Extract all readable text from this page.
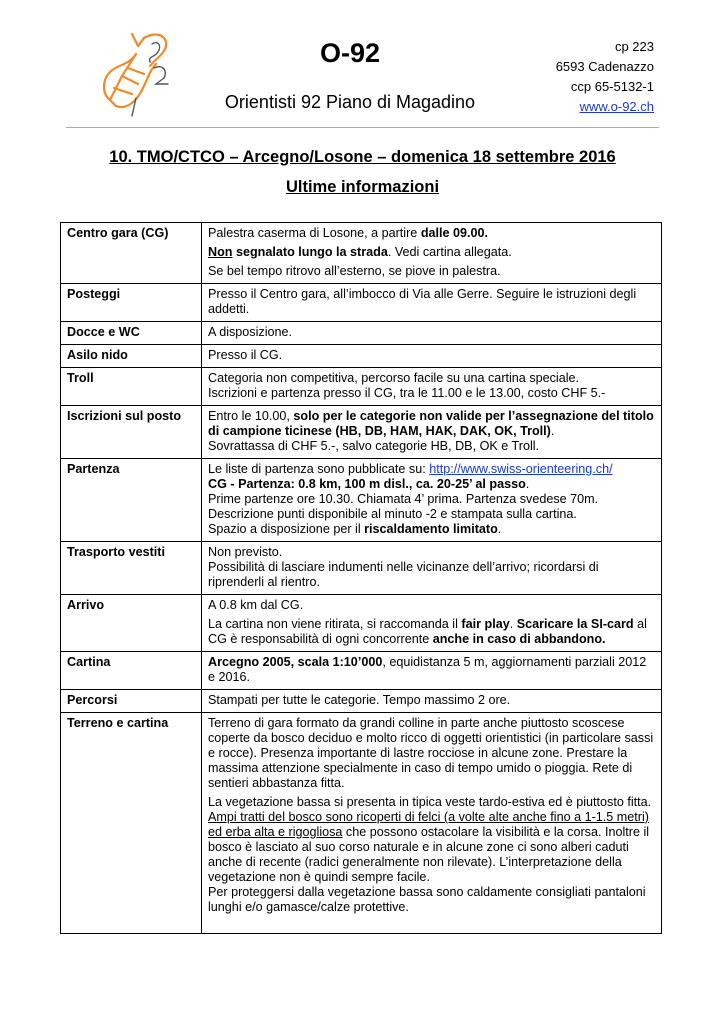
O-92
Orientisti 92 Piano di Magadino
cp 223
6593 Cadenazzo
ccp 65-5132-1
www.o-92.ch
10. TMO/CTCO – Arcegno/Losone – domenica 18 settembre 2016
Ultime informazioni
Centro gara (CG)	Palestra caserma di Losone, a partire dalle 09.00.

Non segnalato lungo la strada. Vedi cartina allegata.

Se bel tempo ritrovo all’esterno, se piove in palestra.

Posteggi	Presso il Centro gara, all’imbocco di Via alle Gerre. Seguire le istruzioni degli addetti.
Docce e WC	A disposizione.
Asilo nido	Presso il CG.
Troll	Categoria non competitiva, percorso facile su una cartina speciale.
Iscrizioni e partenza presso il CG, tra le 11.00 e le 13.00, costo CHF 5.-

Iscrizioni sul posto	Entro le 10.00, solo per le categorie non valide per l’assegnazione del titolo di campione ticinese (HB, DB, HAM, HAK, DAK, OK, Troll).
Sovrattassa di CHF 5.-, salvo categorie HB, DB, OK e Troll.

Partenza	Le liste di partenza sono pubblicate su: http://www.swiss-orienteering.ch/
CG - Partenza: 0.8 km, 100 m disl., ca. 20-25’ al passo.
Prime partenze ore 10.30. Chiamata 4’ prima. Partenza svedese 70m.
Descrizione punti disponibile al minuto -2 e stampata sulla cartina.
Spazio a disposizione per il riscaldamento limitato.

Trasporto vestiti	Non previsto.
Possibilità di lasciare indumenti nelle vicinanze dell’arrivo; ricordarsi di riprenderli al rientro.

Arrivo	A 0.8 km dal CG.

La cartina non viene ritirata, si raccomanda il fair play. Scaricare la SI-card al CG è responsabilità di ogni concorrente anche in caso di abbandono.

Cartina	Arcegno 2005, scala 1:10’000, equidistanza 5 m, aggiornamenti parziali 2012 e 2016.
Percorsi	Stampati per tutte le categorie. Tempo massimo 2 ore.
Terreno e cartina	Terreno di gara formato da grandi colline in parte anche piuttosto scoscese coperte da bosco deciduo e molto ricco di oggetti orientistici (in particolare sassi e rocce). Presenza importante di lastre rocciose in alcune zone. Prestare la massima attenzione specialmente in caso di tempo umido o pioggia. Rete di sentieri abbastanza fitta.

La vegetazione bassa si presenta in tipica veste tardo-estiva ed è piuttosto fitta. Ampi tratti del bosco sono ricoperti di felci (a volte alte anche fino a 1-1.5 metri) ed erba alta e rigogliosa che possono ostacolare la visibilità e la corsa. Inoltre il bosco è lasciato al suo corso naturale e in alcune zone ci sono alberi caduti anche di recente (radici generalmente non rilevate). L’interpretazione della vegetazione non è quindi sempre facile.
Per proteggersi dalla vegetazione bassa sono caldamente consigliati pantaloni lunghi e/o gamasce/calze protettive.
